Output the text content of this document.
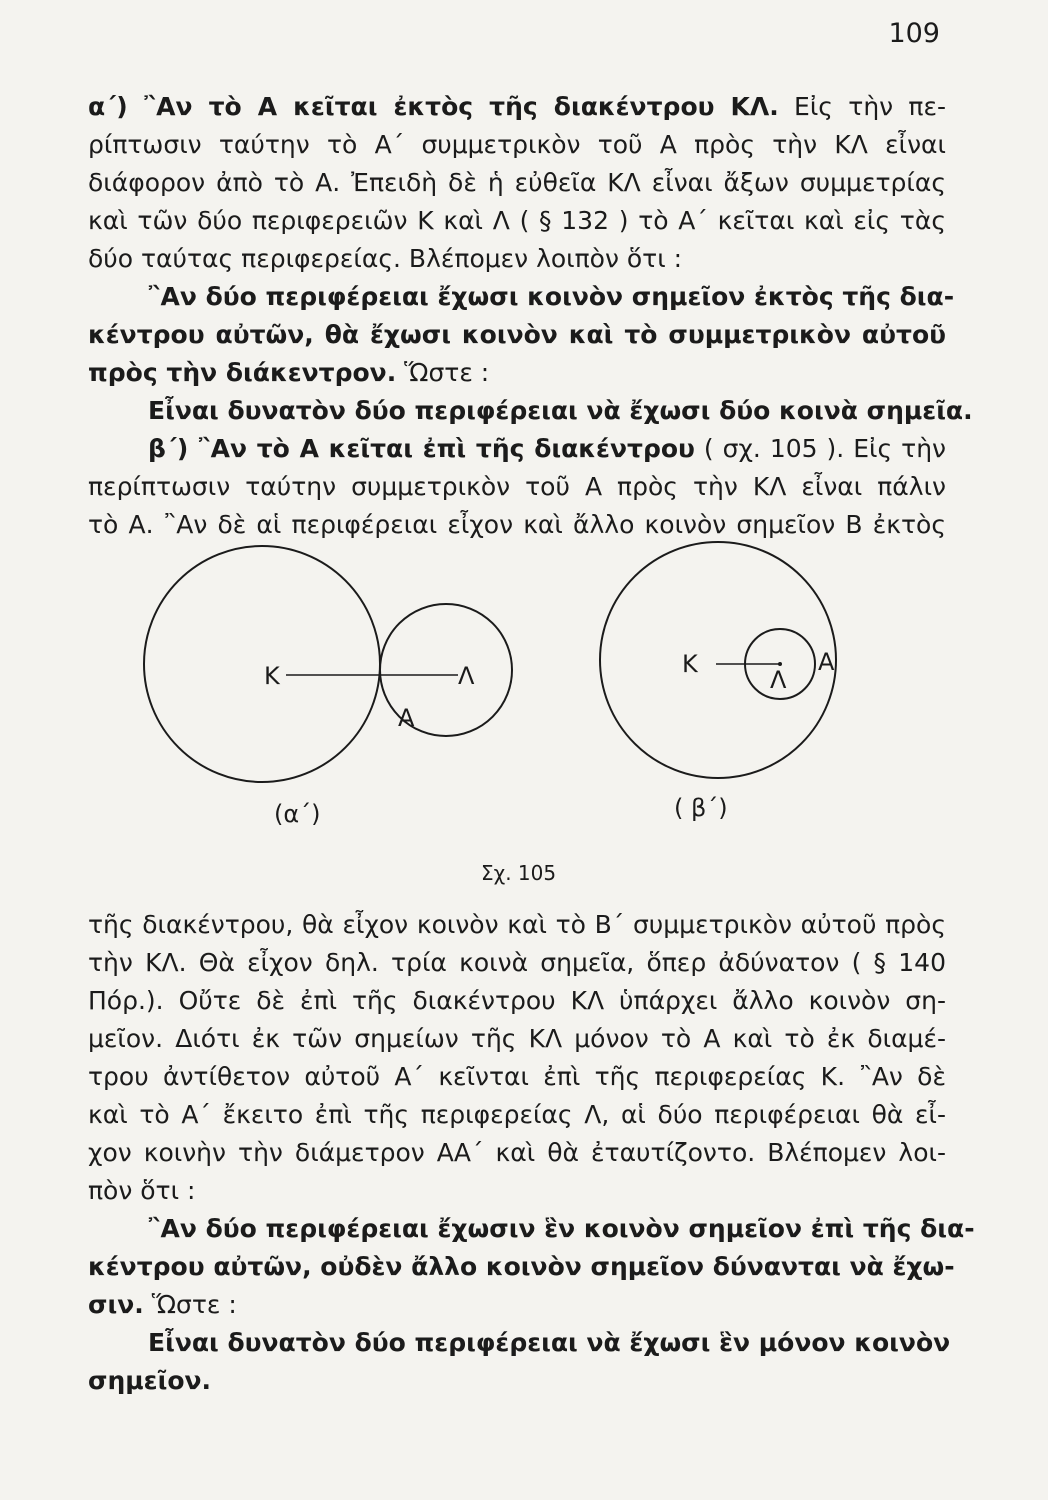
109

α΄) ῍Αν τὸ Α κεῖται ἐκτὸς τῆς διακέντρου ΚΛ. Εἰς τὴν πε-

ρίπτωσιν ταύτην τὸ Α΄ συμμετρικὸν τοῦ Α πρὸς τὴν ΚΛ εἶναι

διάφορον ἀπὸ τὸ Α. Ἐπειδὴ δὲ ἡ εὐθεῖα ΚΛ εἶναι ἄξων συμμετρίας

καὶ τῶν δύο περιφερειῶν Κ καὶ Λ ( § 132 ) τὸ Α΄ κεῖται καὶ εἰς τὰς

δύο ταύτας περιφερείας. Βλέπομεν λοιπὸν ὅτι :

῍Αν δύο περιφέρειαι ἔχωσι κοινὸν σημεῖον ἐκτὸς τῆς δια-

κέντρου αὐτῶν, θὰ ἔχωσι κοινὸν καὶ τὸ συμμετρικὸν αὐτοῦ

πρὸς τὴν διάκεντρον. Ὥστε :

Εἶναι δυνατὸν δύο περιφέρειαι νὰ ἔχωσι δύο κοινὰ σημεῖα.

β΄) ῍Αν τὸ Α κεῖται ἐπὶ τῆς διακέντρου ( σχ. 105 ). Εἰς τὴν

περίπτωσιν ταύτην συμμετρικὸν τοῦ Α πρὸς τὴν ΚΛ εἶναι πάλιν

τὸ Α. ῍Αν δὲ αἱ περιφέρειαι εἶχον καὶ ἄλλο κοινὸν σημεῖον Β ἐκτὸς

Κ	Λ
Α
(α΄)
Κ
Λ
Α
( β΄)
Σχ. 105

τῆς διακέντρου, θὰ εἶχον κοινὸν καὶ τὸ Β΄ συμμετρικὸν αὐτοῦ πρὸς

τὴν ΚΛ. Θὰ εἶχον δηλ. τρία κοινὰ σημεῖα, ὅπερ ἀδύνατον ( § 140

Πόρ.). Οὔτε δὲ ἐπὶ τῆς διακέντρου ΚΛ ὑπάρχει ἄλλο κοινὸν ση-

μεῖον. Διότι ἐκ τῶν σημείων τῆς ΚΛ μόνον τὸ Α καὶ τὸ ἐκ διαμέ-

τρου ἀντίθετον αὐτοῦ Α΄ κεῖνται ἐπὶ τῆς περιφερείας Κ. ῍Αν δὲ

καὶ τὸ Α΄ ἔκειτο ἐπὶ τῆς περιφερείας Λ, αἱ δύο περιφέρειαι θὰ εἶ-

χον κοινὴν τὴν διάμετρον ΑΑ΄ καὶ θὰ ἐταυτίζοντο. Βλέπομεν λοι-

πὸν ὅτι :

῍Αν δύο περιφέρειαι ἔχωσιν ἓν κοινὸν σημεῖον ἐπὶ τῆς δια-

κέντρου αὐτῶν, οὐδὲν ἄλλο κοινὸν σημεῖον δύνανται νὰ ἔχω-

σιν. Ὥστε :

Εἶναι δυνατὸν δύο περιφέρειαι νὰ ἔχωσι ἓν μόνον κοινὸν

σημεῖον.
